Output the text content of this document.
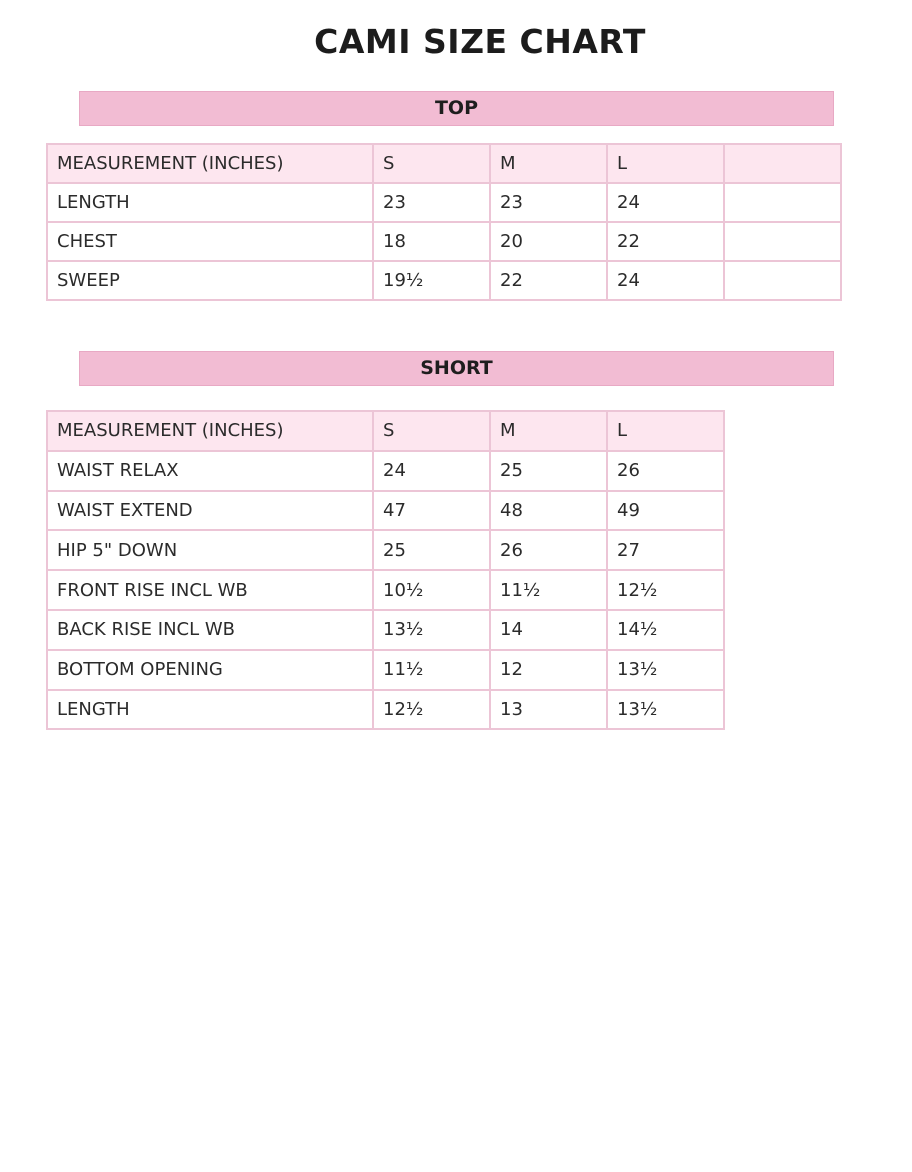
CAMI SIZE CHART
TOP
MEASUREMENT (INCHES)	S	M	L	
LENGTH	23	23	24	
CHEST	18	20	22	
SWEEP	19½	22	24	
SHORT
MEASUREMENT (INCHES)	S	M	L
WAIST RELAX	24	25	26
WAIST EXTEND	47	48	49
HIP 5" DOWN	25	26	27
FRONT RISE INCL WB	10½	11½	12½
BACK RISE INCL WB	13½	14	14½
BOTTOM OPENING	11½	12	13½
LENGTH	12½	13	13½
